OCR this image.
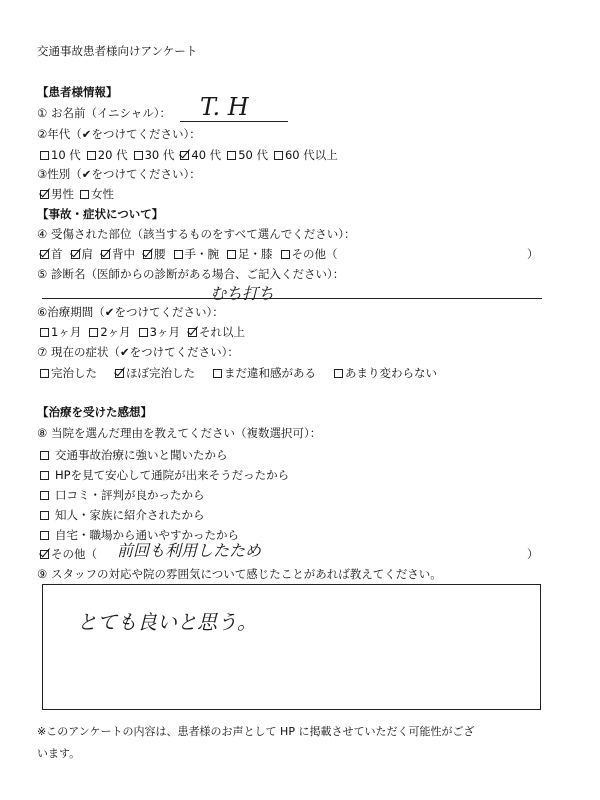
交通事故患者様向けアンケート
【患者様情報】
① お名前（イニシャル）： T. H
②年代（✔をつけてください）：
10 代 20 代 30 代 40 代 50 代 60 代以上
③性別（✔をつけてください）：
男性 女性
【事故・症状について】
④ 受傷された部位（該当するものをすべて選んでください）：
首 肩 背中 腰 手・腕 足・膝 その他（	）
⑤ 診断名（医師からの診断がある場合、ご記入ください）：
むち打ち
⑥治療期間（✔をつけてください）：
1ヶ月 2ヶ月 3ヶ月 それ以上
⑦ 現在の症状（✔をつけてください）：
完治した	ほぼ完治した	まだ違和感がある	あまり変わらない
【治療を受けた感想】
⑧ 当院を選んだ理由を教えてください（複数選択可）：
交通事故治療に強いと聞いたから
HPを見て安心して通院が出来そうだったから
口コミ・評判が良かったから
知人・家族に紹介されたから
自宅・職場から通いやすかったから
その他（ 前回も利用したため	）
⑨ スタッフの対応や院の雰囲気について感じたことがあれば教えてください。
とても良いと思う。
※このアンケートの内容は、患者様のお声として HP に掲載させていただく可能性がござ
います。
